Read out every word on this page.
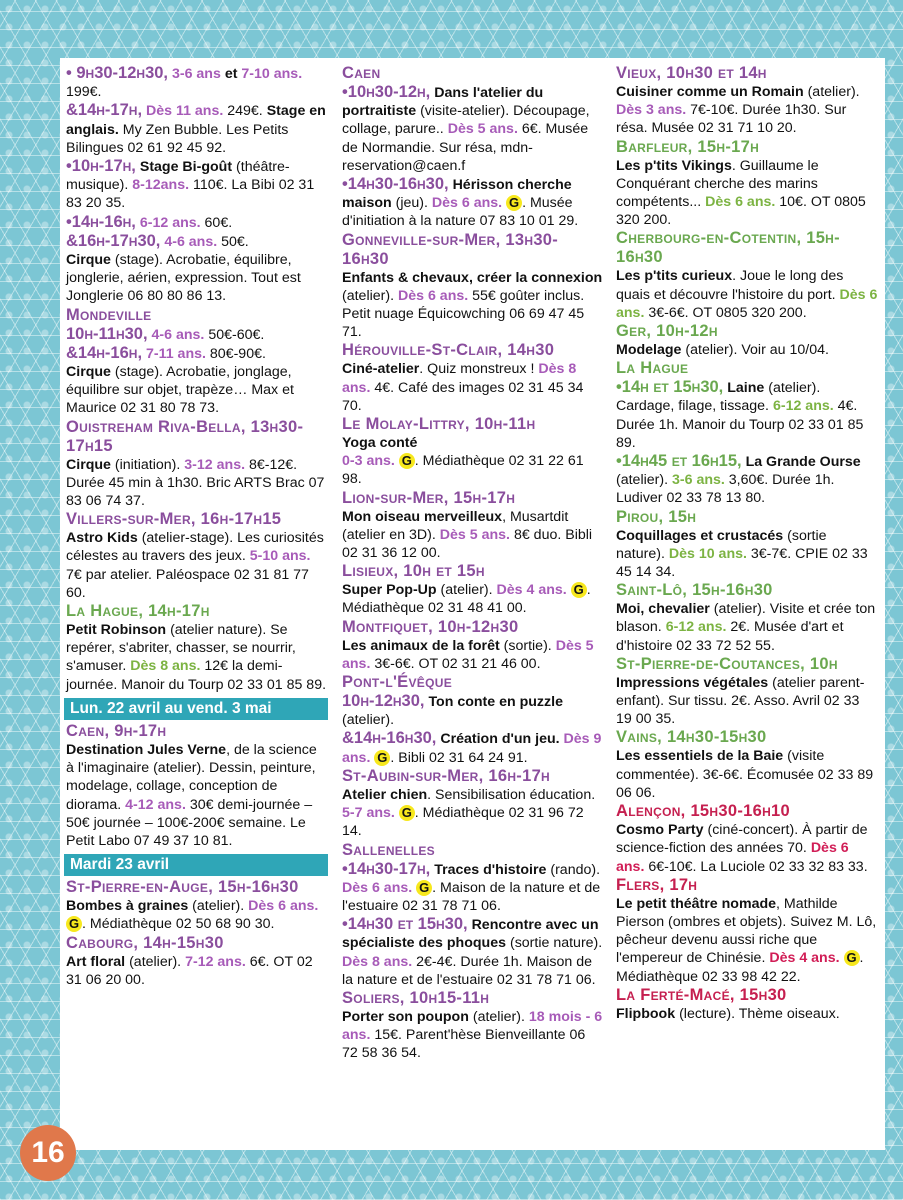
• 9h30-12h30, 3-6 ans et 7-10 ans. 199€.

&14h-17h, Dès 11 ans. 249€. Stage en anglais. My Zen Bubble. Les Petits Bilingues 02 61 92 45 92.

•10h-17h, Stage Bi-goût (théâtre-musique). 8-12ans. 110€. La Bibi 02 31 83 20 35.

•14h-16h, 6-12 ans. 60€.

&16h-17h30, 4-6 ans. 50€.

Cirque (stage). Acrobatie, équilibre, jonglerie, aérien, expression. Tout est Jonglerie 06 80 80 86 13.

Mondeville
10h-11h30, 4-6 ans. 50€-60€.

&14h-16h, 7-11 ans. 80€-90€.

Cirque (stage). Acrobatie, jonglage, équilibre sur objet, trapèze… Max et Maurice 02 31 80 78 73.

Ouistreham Riva-Bella, 13h30-17h15
Cirque (initiation). 3-12 ans. 8€-12€. Durée 45 min à 1h30. Bric ARTS Brac 07 83 06 74 37.

Villers-sur-Mer, 16h-17h15
Astro Kids (atelier-stage). Les curiosités célestes au travers des jeux. 5-10 ans. 7€ par atelier. Paléospace 02 31 81 77 60.

La Hague, 14h-17h
Petit Robinson (atelier nature). Se repérer, s'abriter, chasser, se nourrir, s'amuser. Dès 8 ans. 12€ la demi-journée. Manoir du Tourp 02 33 01 85 89.

Lun. 22 avril au vend. 3 mai

Caen, 9h-17h
Destination Jules Verne, de la science à l'imaginaire (atelier). Dessin, peinture, modelage, collage, conception de diorama. 4-12 ans. 30€ demi-journée – 50€ journée – 100€-200€ semaine. Le Petit Labo 07 49 37 10 81.

Mardi 23 avril

St-Pierre-en-Auge, 15h-16h30
Bombes à graines (atelier). Dès 6 ans. G . Médiathèque 02 50 68 90 30.

Cabourg, 14h-15h30
Art floral (atelier). 7-12 ans. 6€. OT 02 31 06 20 00.

Caen
•10h30-12h, Dans l'atelier du portraitiste (visite-atelier). Découpage, collage, parure.. Dès 5 ans. 6€. Musée de Normandie. Sur résa, mdn-reservation@caen.f

•14h30-16h30, Hérisson cherche maison (jeu). Dès 6 ans. G . Musée d'initiation à la nature 07 83 10 01 29.

Gonneville-sur-Mer, 13h30-16h30
Enfants & chevaux, créer la connexion (atelier). Dès 6 ans. 55€ goûter inclus. Petit nuage Équicowching 06 69 47 45 71.

Hérouville-St-Clair, 14h30
Ciné-atelier. Quiz monstreux ! Dès 8 ans. 4€. Café des images 02 31 45 34 70.

Le Molay-Littry, 10h-11h
Yoga conté
0-3 ans. G . Médiathèque 02 31 22 61 98.

Lion-sur-Mer, 15h-17h
Mon oiseau merveilleux, Musartdit (atelier en 3D). Dès 5 ans. 8€ duo. Bibli 02 31 36 12 00.

Lisieux, 10h et 15h
Super Pop-Up (atelier). Dès 4 ans. G . Médiathèque 02 31 48 41 00.

Montfiquet, 10h-12h30
Les animaux de la forêt (sortie). Dès 5 ans. 3€-6€. OT 02 31 21 46 00.

Pont-l'Évêque
10h-12h30, Ton conte en puzzle (atelier).

&14h-16h30, Création d'un jeu. Dès 9 ans. G . Bibli 02 31 64 24 91.

St-Aubin-sur-Mer, 16h-17h
Atelier chien. Sensibilisation éducation. 5-7 ans. G . Médiathèque 02 31 96 72 14.

Sallenelles
•14h30-17h, Traces d'histoire (rando). Dès 6 ans. G . Maison de la nature et de l'estuaire 02 31 78 71 06.

•14h30 et 15h30, Rencontre avec un spécialiste des phoques (sortie nature). Dès 8 ans. 2€-4€. Durée 1h. Maison de la nature et de l'estuaire 02 31 78 71 06.

Soliers, 10h15-11h
Porter son poupon (atelier). 18 mois - 6 ans. 15€. Parent'hèse Bienveillante 06 72 58 36 54.

Vieux, 10h30 et 14h
Cuisiner comme un Romain (atelier). Dès 3 ans. 7€-10€. Durée 1h30. Sur résa. Musée 02 31 71 10 20.

Barfleur, 15h-17h
Les p'tits Vikings. Guillaume le Conquérant cherche des marins compétents... Dès 6 ans. 10€. OT 0805 320 200.

Cherbourg-en-Cotentin, 15h-16h30
Les p'tits curieux. Joue le long des quais et découvre l'histoire du port. Dès 6 ans. 3€-6€. OT 0805 320 200.

Ger, 10h-12h
Modelage (atelier). Voir au 10/04.

La Hague
•14h et 15h30, Laine (atelier). Cardage, filage, tissage. 6-12 ans. 4€. Durée 1h. Manoir du Tourp 02 33 01 85 89.

•14h45 et 16h15, La Grande Ourse (atelier). 3-6 ans. 3,60€. Durée 1h. Ludiver 02 33 78 13 80.

Pirou, 15h
Coquillages et crustacés (sortie nature). Dès 10 ans. 3€-7€. CPIE 02 33 45 14 34.

Saint-Lô, 15h-16h30
Moi, chevalier (atelier). Visite et crée ton blason. 6-12 ans. 2€. Musée d'art et d'histoire 02 33 72 52 55.

St-Pierre-de-Coutances, 10h
Impressions végétales (atelier parent-enfant). Sur tissu. 2€. Asso. Avril 02 33 19 00 35.

Vains, 14h30-15h30
Les essentiels de la Baie (visite commentée). 3€-6€. Écomusée 02 33 89 06 06.

Alençon, 15h30-16h10
Cosmo Party (ciné-concert). À partir de science-fiction des années 70. Dès 6 ans. 6€-10€. La Luciole 02 33 32 83 33.

Flers, 17h
Le petit théâtre nomade, Mathilde Pierson (ombres et objets). Suivez M. Lô, pêcheur devenu aussi riche que l'empereur de Chinésie. Dès 4 ans. G . Médiathèque 02 33 98 42 22.

La Ferté-Macé, 15h30
Flipbook (lecture). Thème oiseaux.

16
